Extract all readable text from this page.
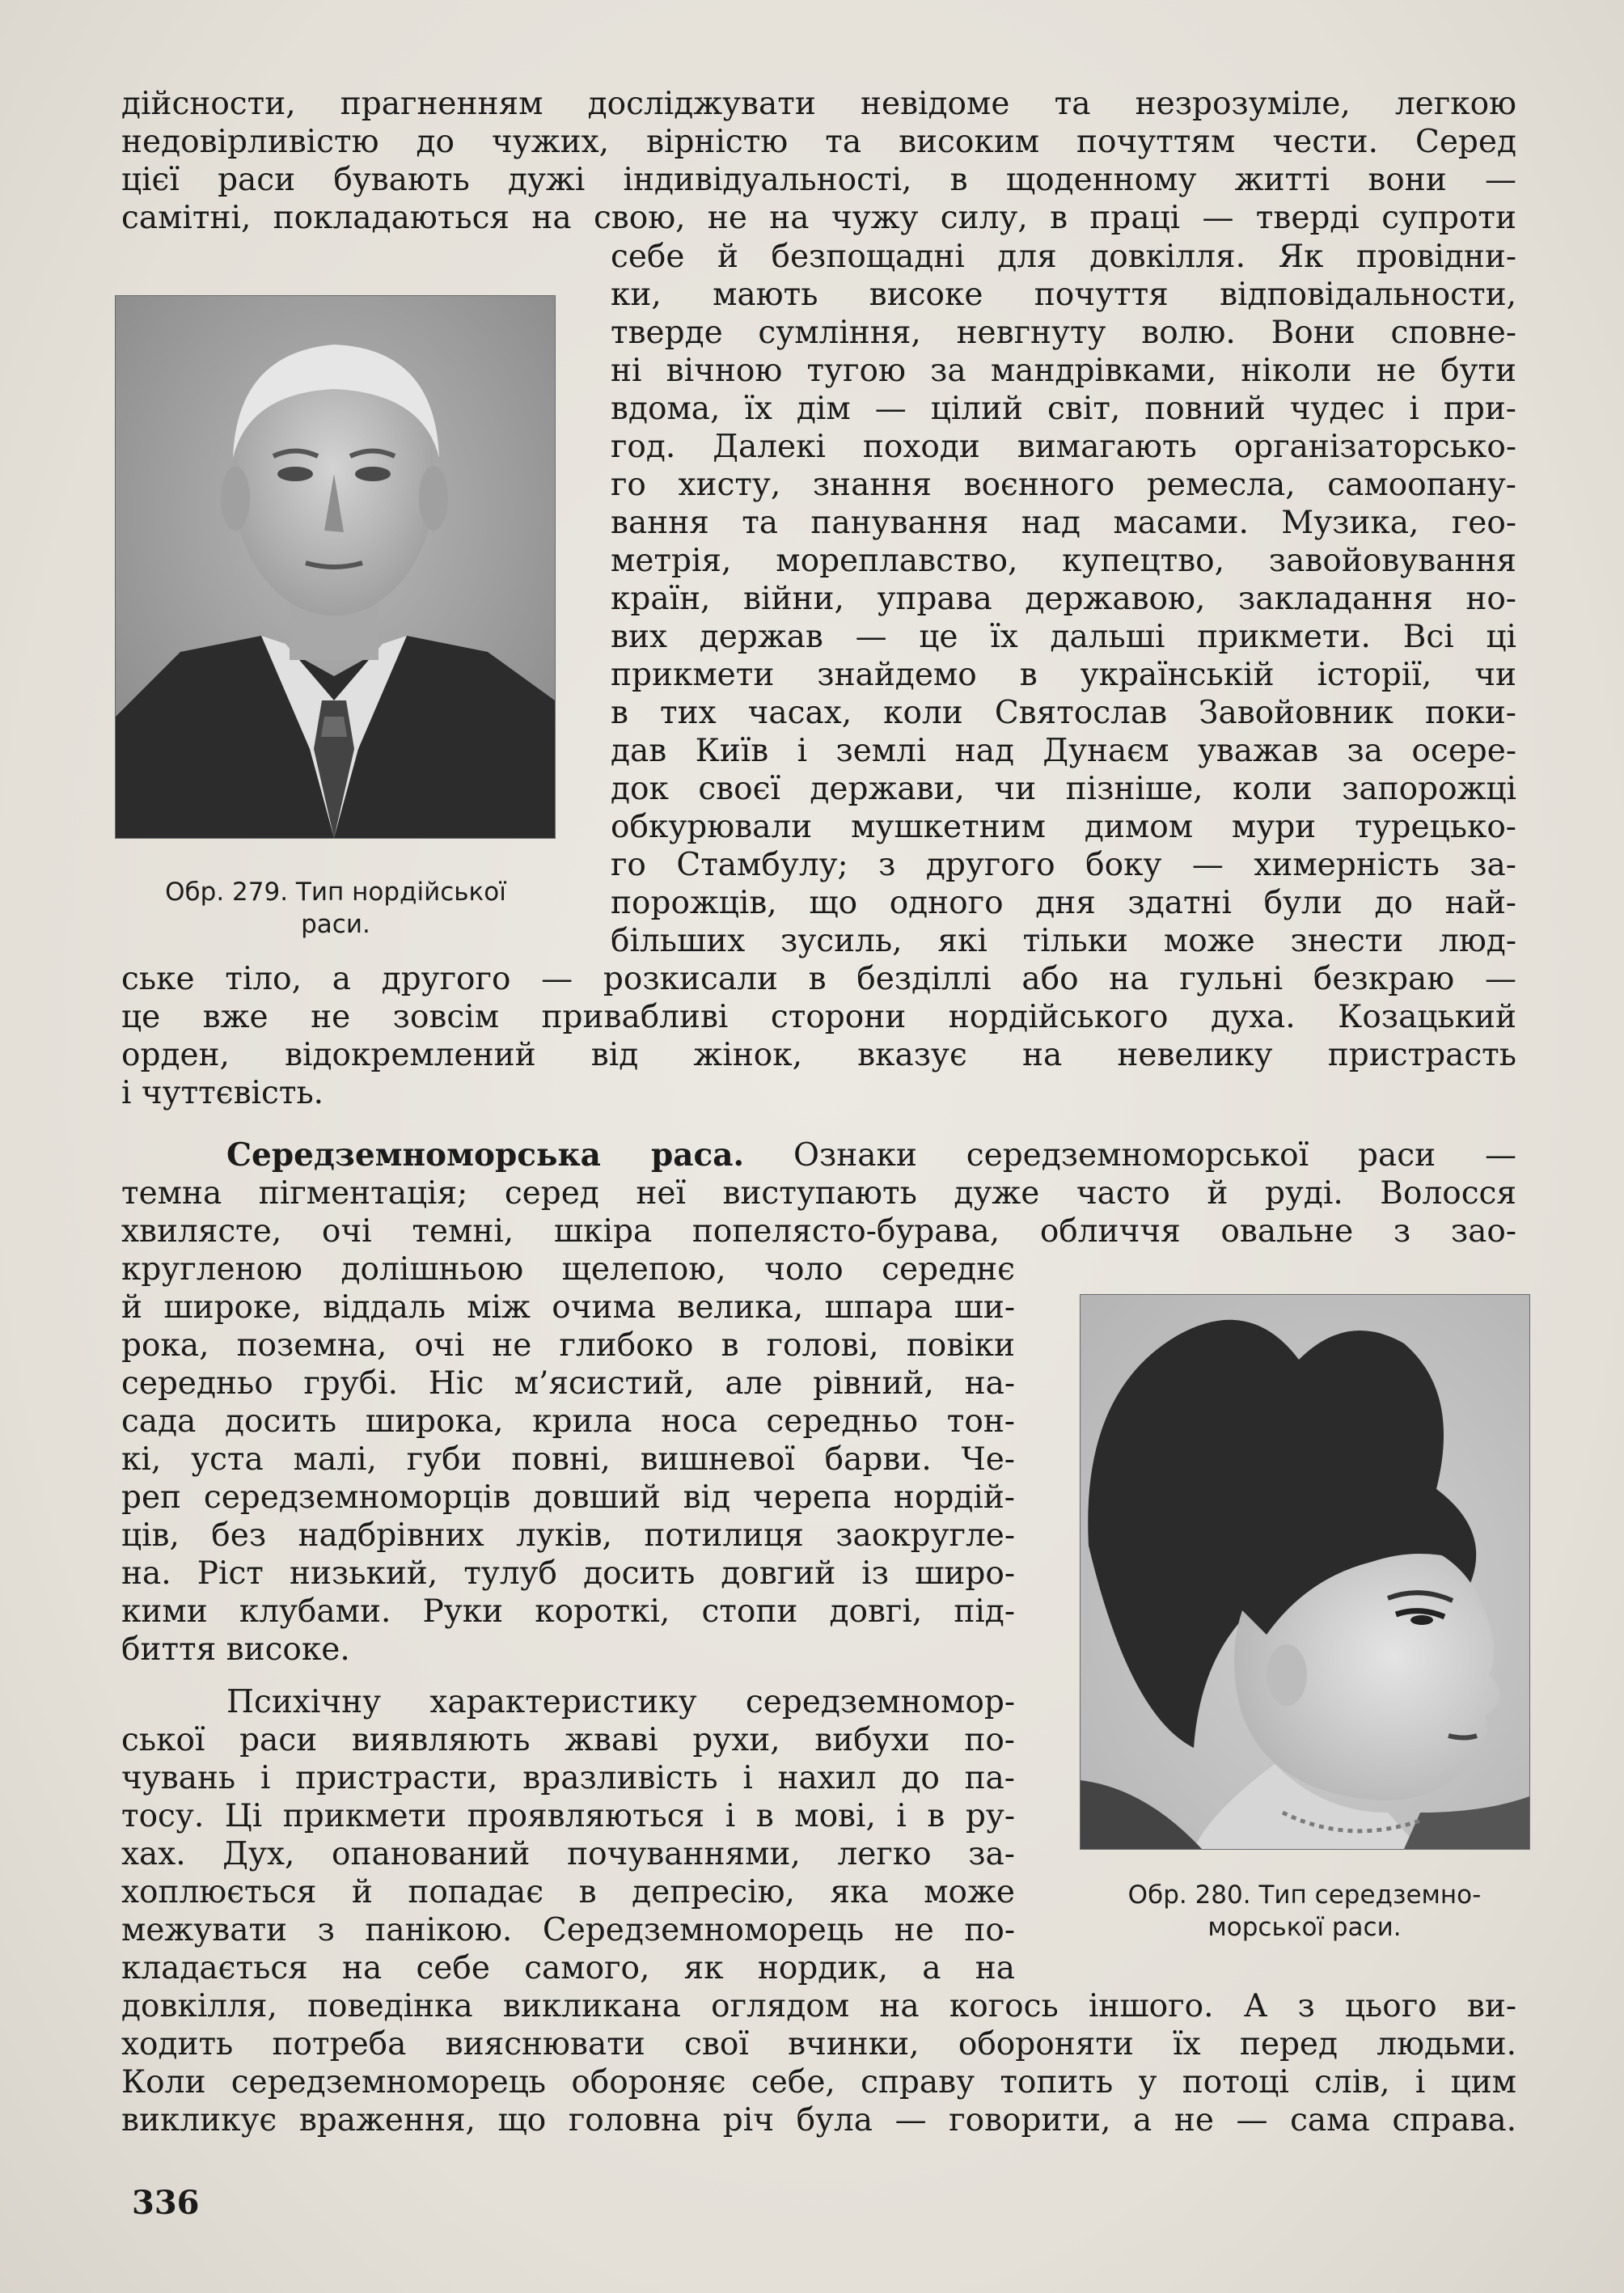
дійсности, прагненням досліджувати невідоме та незрозуміле, легкою
недовірливістю до чужих, вірністю та високим почуттям чести. Серед
цієї раси бувають дужі індивідуальності, в щоденному житті вони —
самітні, покладаються на свою, не на чужу силу, в праці — тверді супроти
Обр. 279. Тип нордійської
раси.
себе й безпощадні для довкілля. Як провідни-
ки, мають високе почуття відповідальности,
тверде сумління, невгнуту волю. Вони сповне-
ні вічною тугою за мандрівками, ніколи не бути
вдома, їх дім — цілий світ, повний чудес і при-
год. Далекі походи вимагають організаторсько-
го хисту, знання воєнного ремесла, самоопану-
вання та панування над масами. Музика, гео-
метрія, мореплавство, купецтво, завойовування
країн, війни, управа державою, закладання но-
вих держав — це їх дальші прикмети. Всі ці
прикмети знайдемо в українській історії, чи
в тих часах, коли Святослав Завойовник поки-
дав Київ і землі над Дунаєм уважав за осере-
док своєї держави, чи пізніше, коли запорожці
обкурювали мушкетним димом мури турецько-
го Стамбулу; з другого боку — химерність за-
порожців, що одного дня здатні були до най-
більших зусиль, які тільки може знести люд-
ське тіло, а другого — розкисали в безділлі або на гульні безкраю —
це вже не зовсім привабливі сторони нордійського духа. Козацький
орден, відокремлений від жінок, вказує на невелику пристрасть
і чуттєвість.
Середземноморська раса. Ознаки середземноморської раси —
темна пігментація; серед неї виступають дуже часто й руді. Волосся
хвилясте, очі темні, шкіра попелясто-бурава, обличчя овальне з зао-
кругленою долішньою щелепою, чоло середнє
й широке, віддаль між очима велика, шпара ши-
рока, поземна, очі не глибоко в голові, повіки
середньо грубі. Ніс м’ясистий, але рівний, на-
сада досить широка, крила носа середньо тон-
кі, уста малі, губи повні, вишневої барви. Че-
реп середземноморців довший від черепа нордій-
ців, без надбрівних луків, потилиця заокругле-
на. Ріст низький, тулуб досить довгий із широ-
кими клубами. Руки короткі, стопи довгі, під-
биття високе.
Психічну характеристику середземномор-
ської раси виявляють жваві рухи, вибухи по-
чувань і пристрасти, вразливість і нахил до па-
тосу. Ці прикмети проявляються і в мові, і в ру-
хах. Дух, опанований почуваннями, легко за-
хоплюється й попадає в депресію, яка може
межувати з панікою. Середземноморець не по-
кладається на себе самого, як нордик, а на
Обр. 280. Тип середземно-
морської раси.
довкілля, поведінка викликана оглядом на когось іншого. А з цього ви-
ходить потреба вияснювати свої вчинки, обороняти їх перед людьми.
Коли середземноморець обороняє себе, справу топить у потоці слів, і цим
викликує враження, що головна річ була — говорити, а не — сама справа.
336
